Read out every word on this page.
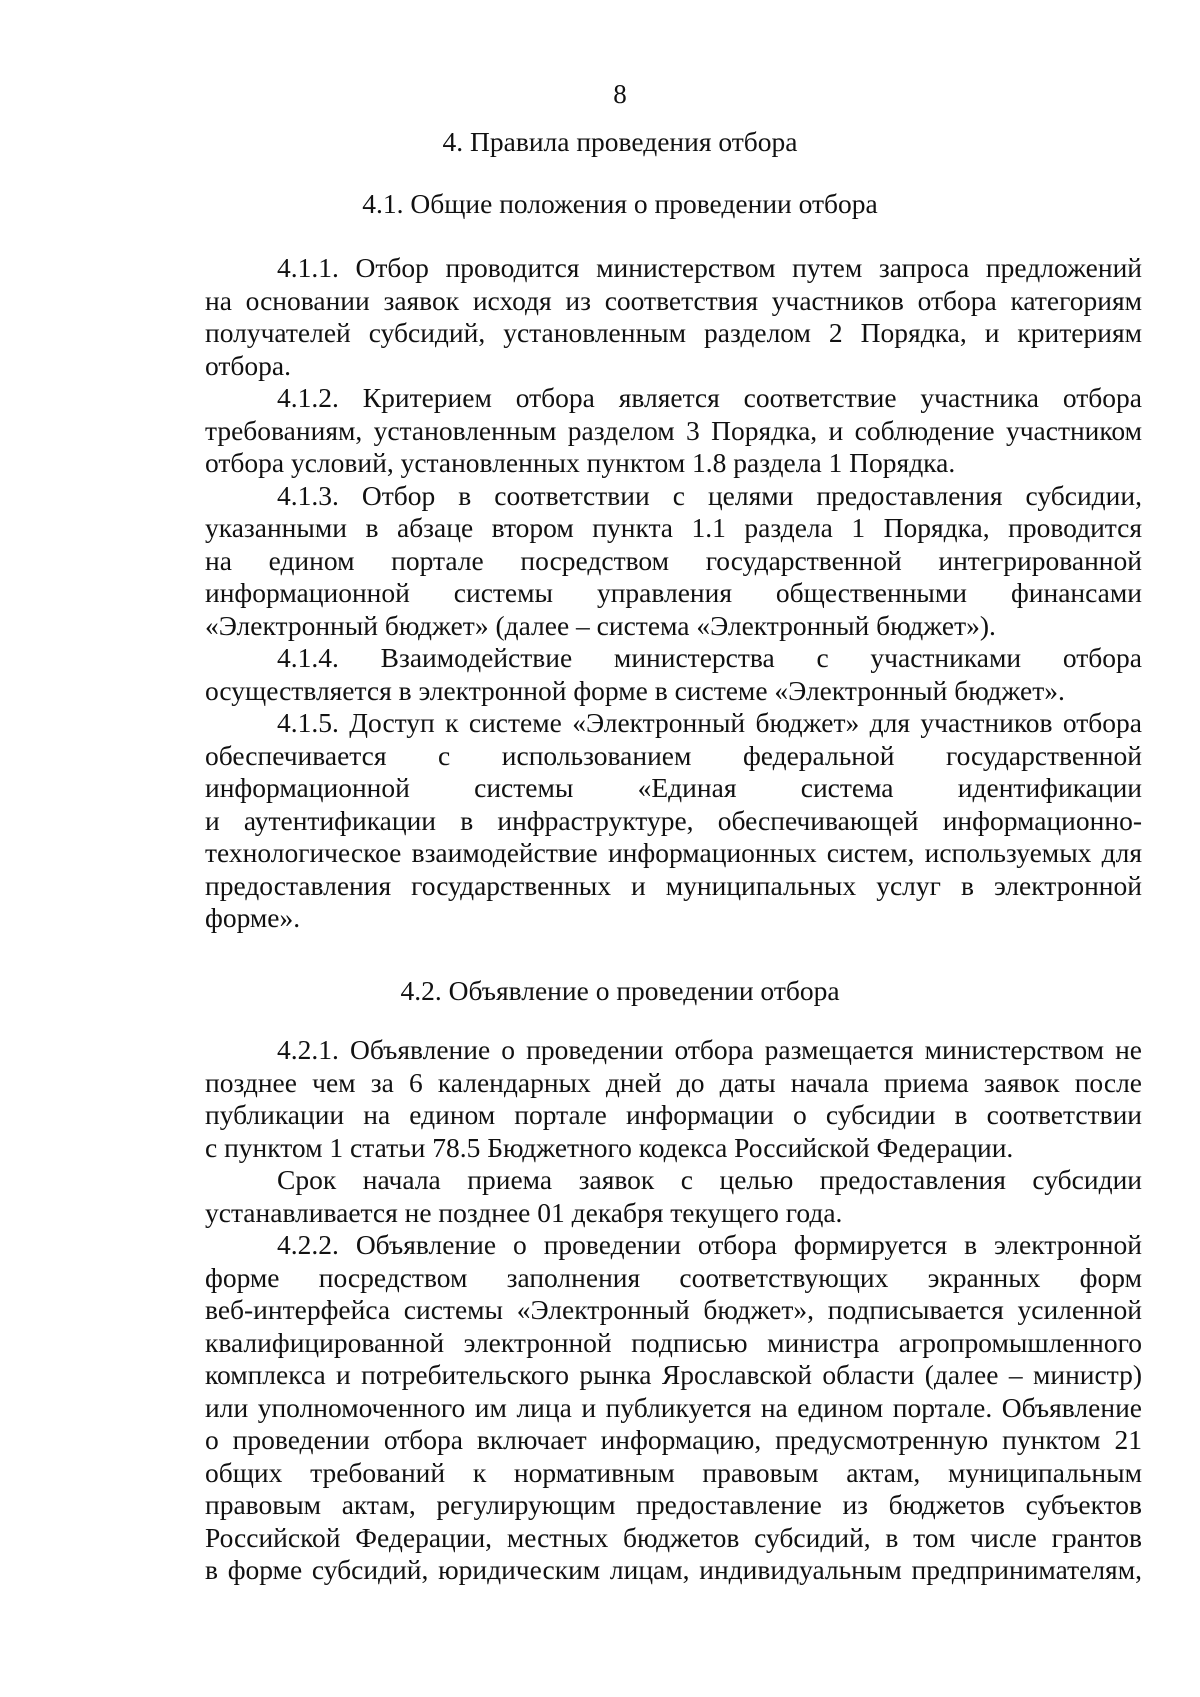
8
4. Правила проведения отбора
4.1. Общие положения о проведении отбора
4.1.1. Отбор проводится министерством путем запроса предложений
на основании заявок исходя из соответствия участников отбора категориям
получателей субсидий, установленным разделом 2 Порядка, и критериям
отбора.
4.1.2. Критерием отбора является соответствие участника отбора
требованиям, установленным разделом 3 Порядка, и соблюдение участником
отбора условий, установленных пунктом 1.8 раздела 1 Порядка.
4.1.3. Отбор в соответствии с целями предоставления субсидии,
указанными в абзаце втором пункта 1.1 раздела 1 Порядка, проводится
на едином портале посредством государственной интегрированной
информационной системы управления общественными финансами
«Электронный бюджет» (далее – система «Электронный бюджет»).
4.1.4. Взаимодействие министерства с участниками отбора
осуществляется в электронной форме в системе «Электронный бюджет».
4.1.5. Доступ к системе «Электронный бюджет» для участников отбора
обеспечивается с использованием федеральной государственной
информационной системы «Единая система идентификации
и аутентификации в инфраструктуре, обеспечивающей информационно-
технологическое взаимодействие информационных систем, используемых для
предоставления государственных и муниципальных услуг в электронной
форме».
4.2. Объявление о проведении отбора
4.2.1. Объявление о проведении отбора размещается министерством не
позднее чем за 6 календарных дней до даты начала приема заявок после
публикации на едином портале информации о субсидии в соответствии
с пунктом 1 статьи 78.5 Бюджетного кодекса Российской Федерации.
Срок начала приема заявок с целью предоставления субсидии
устанавливается не позднее 01 декабря текущего года.
4.2.2. Объявление о проведении отбора формируется в электронной
форме посредством заполнения соответствующих экранных форм
веб-интерфейса системы «Электронный бюджет», подписывается усиленной
квалифицированной электронной подписью министра агропромышленного
комплекса и потребительского рынка Ярославской области (далее – министр)
или уполномоченного им лица и публикуется на едином портале. Объявление
о проведении отбора включает информацию, предусмотренную пунктом 21
общих требований к нормативным правовым актам, муниципальным
правовым актам, регулирующим предоставление из бюджетов субъектов
Российской Федерации, местных бюджетов субсидий, в том числе грантов
в форме субсидий, юридическим лицам, индивидуальным предпринимателям,
